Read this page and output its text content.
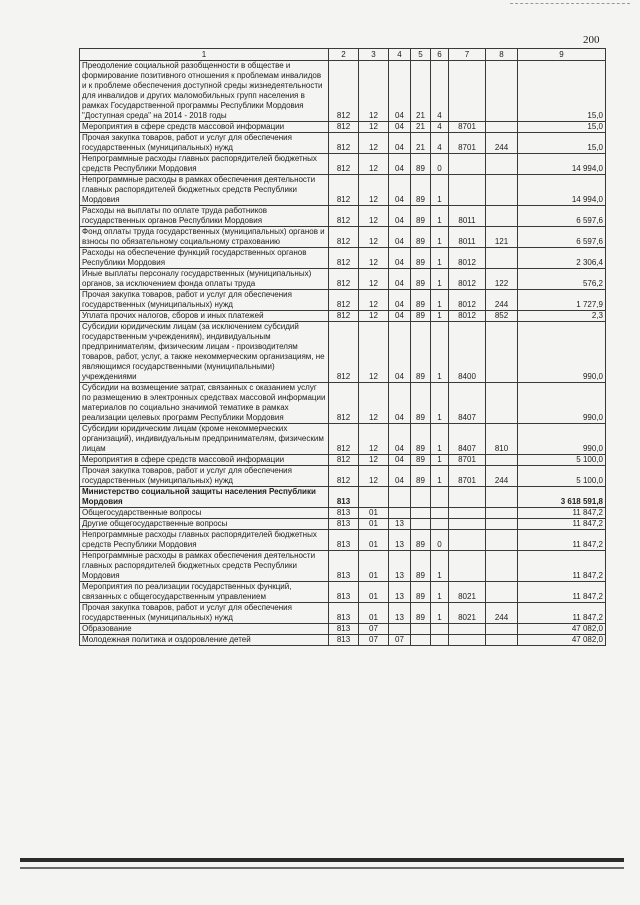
200
1	2	3	4	5	6	7	8	9
Преодоление социальной разобщенности в обществе и формирование позитивного отношения к проблемам инвалидов и к проблеме обеспечения доступной среды жизнедеятельности для инвалидов и других маломобильных групп населения в рамках Государственной программы Республики Мордовия "Доступная среда" на 2014 - 2018 годы	812	12	04	21	4			15,0
Мероприятия в сфере средств массовой информации	812	12	04	21	4	8701		15,0
Прочая закупка товаров, работ и услуг для обеспечения государственных (муниципальных) нужд	812	12	04	21	4	8701	244	15,0
Непрограммные расходы главных распорядителей бюджетных средств Республики Мордовия	812	12	04	89	0			14 994,0
Непрограммные расходы в рамках обеспечения деятельности главных распорядителей бюджетных средств Республики Мордовия	812	12	04	89	1			14 994,0
Расходы на выплаты по оплате труда работников государственных органов Республики Мордовия	812	12	04	89	1	8011		6 597,6
Фонд оплаты труда государственных (муниципальных) органов и взносы по обязательному социальному страхованию	812	12	04	89	1	8011	121	6 597,6
Расходы на обеспечение функций государственных органов Республики Мордовия	812	12	04	89	1	8012		2 306,4
Иные выплаты персоналу государственных (муниципальных) органов, за исключением фонда оплаты труда	812	12	04	89	1	8012	122	576,2
Прочая закупка товаров, работ и услуг для обеспечения государственных (муниципальных) нужд	812	12	04	89	1	8012	244	1 727,9
Уплата прочих налогов, сборов и иных платежей	812	12	04	89	1	8012	852	2,3
Субсидии юридическим лицам (за исключением субсидий государственным учреждениям), индивидуальным предпринимателям, физическим лицам - производителям товаров, работ, услуг, а также некоммерческим организациям, не являющимся государственными (муниципальными) учреждениями	812	12	04	89	1	8400		990,0
Субсидии на возмещение затрат, связанных с оказанием услуг по размещению в электронных средствах массовой информации материалов по социально значимой тематике в рамках реализации целевых программ Республики Мордовия	812	12	04	89	1	8407		990,0
Субсидии юридическим лицам (кроме некоммерческих организаций), индивидуальным предпринимателям, физическим лицам	812	12	04	89	1	8407	810	990,0
Мероприятия в сфере средств массовой информации	812	12	04	89	1	8701		5 100,0
Прочая закупка товаров, работ и услуг для обеспечения государственных (муниципальных) нужд	812	12	04	89	1	8701	244	5 100,0
Министерство социальной защиты населения Республики Мордовия	813							3 618 591,8
Общегосударственные вопросы	813	01						11 847,2
Другие общегосударственные вопросы	813	01	13					11 847,2
Непрограммные расходы главных распорядителей бюджетных средств Республики Мордовия	813	01	13	89	0			11 847,2
Непрограммные расходы в рамках обеспечения деятельности главных распорядителей бюджетных средств Республики Мордовия	813	01	13	89	1			11 847,2
Мероприятия по реализации государственных функций, связанных с общегосударственным управлением	813	01	13	89	1	8021		11 847,2
Прочая закупка товаров, работ и услуг для обеспечения государственных (муниципальных) нужд	813	01	13	89	1	8021	244	11 847,2
Образование	813	07						47 082,0
Молодежная политика и оздоровление детей	813	07	07					47 082,0
